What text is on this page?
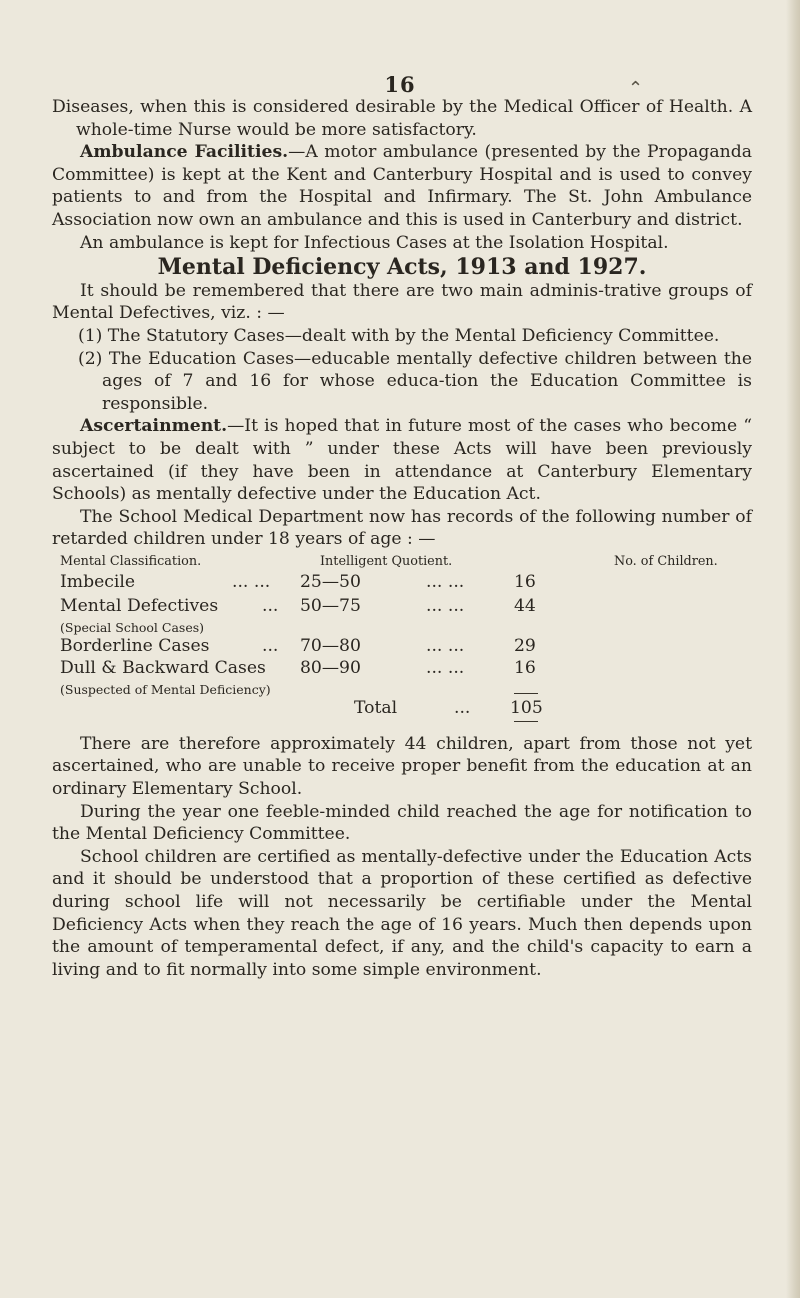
16	⌃

Diseases, when this is considered desirable by the Medical Officer of Health. A whole-time Nurse would be more satisfactory.

Ambulance Facilities.—A motor ambulance (presented by the Propaganda Committee) is kept at the Kent and Canterbury Hospital and is used to convey patients to and from the Hospital and Infirmary. The St. John Ambulance Association now own an ambulance and this is used in Canterbury and district.

An ambulance is kept for Infectious Cases at the Isolation Hospital.

Mental Deficiency Acts, 1913 and 1927.

It should be remembered that there are two main adminis-trative groups of Mental Defectives, viz. : —

(1) The Statutory Cases—dealt with by the Mental Deficiency Committee.

(2) The Education Cases—educable mentally defective children between the ages of 7 and 16 for whose educa-tion the Education Committee is responsible.

Ascertainment.—It is hoped that in future most of the cases who become “ subject to be dealt with ” under these Acts will have been previously ascertained (if they have been in attendance at Canterbury Elementary Schools) as mentally defective under the Education Act.

The School Medical Department now has records of the following number of retarded children under 18 years of age : —

Mental Classification.	Intelligent Quotient.	No. of Children.
Imbecile	... ... 25—50	... ...	16
Mental Defectives	... 50—75	... ...	44
(Special School Cases)
Borderline Cases	... 70—80	... ...	29
Dull & Backward Cases 80—90	... ...	16
(Suspected of Mental Deficiency)
Total	... 105

There are therefore approximately 44 children, apart from those not yet ascertained, who are unable to receive proper benefit from the education at an ordinary Elementary School.

During the year one feeble-minded child reached the age for notification to the Mental Deficiency Committee.

School children are certified as mentally-defective under the Education Acts and it should be understood that a proportion of these certified as defective during school life will not necessarily be certifiable under the Mental Deficiency Acts when they reach the age of 16 years. Much then depends upon the amount of temperamental defect, if any, and the child's capacity to earn a living and to fit normally into some simple environment.
